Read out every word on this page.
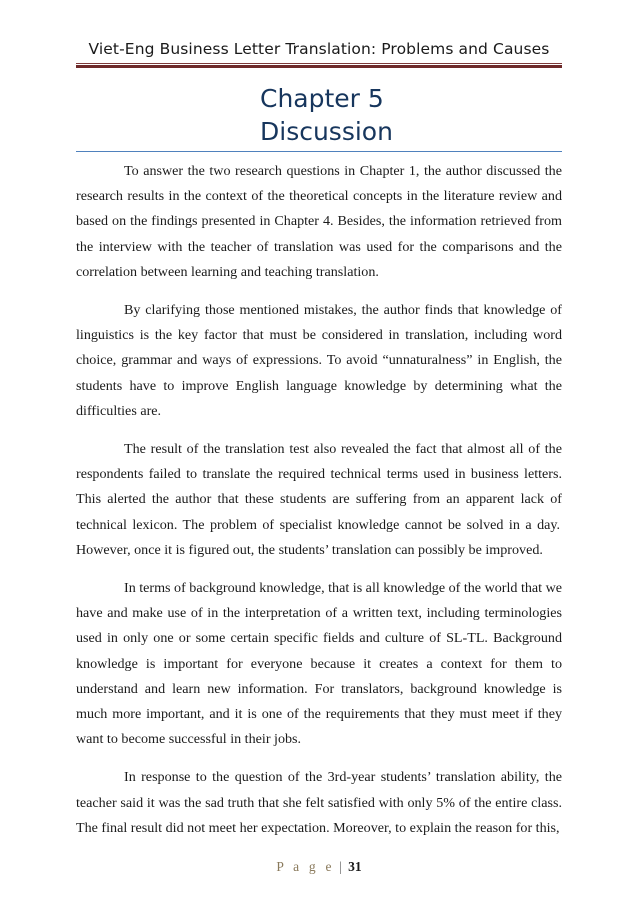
Viet-Eng Business Letter Translation: Problems and Causes
Chapter 5
Discussion
To answer the two research questions in Chapter 1, the author discussed the
research results in the context of the theoretical concepts in the literature review and
based on the findings presented in Chapter 4. Besides, the information retrieved from
the interview with the teacher of translation was used for the comparisons and the
correlation between learning and teaching translation.
By clarifying those mentioned mistakes, the author finds that knowledge of
linguistics is the key factor that must be considered in translation, including word
choice, grammar and ways of expressions. To avoid “unnaturalness” in English, the
students have to improve English language knowledge by determining what the
difficulties are.
The result of the translation test also revealed the fact that almost all of the
respondents failed to translate the required technical terms used in business letters.
This alerted the author that these students are suffering from an apparent lack of
technical lexicon. The problem of specialist knowledge cannot be solved in a day.
However, once it is figured out, the students’ translation can possibly be improved.
In terms of background knowledge, that is all knowledge of the world that we
have and make use of in the interpretation of a written text, including terminologies
used in only one or some certain specific fields and culture of SL-TL. Background
knowledge is important for everyone because it creates a context for them to
understand and learn new information. For translators, background knowledge is
much more important, and it is one of the requirements that they must meet if they
want to become successful in their jobs.
In response to the question of the 3rd-year students’ translation ability, the
teacher said it was the sad truth that she felt satisfied with only 5% of the entire class.
The final result did not meet her expectation. Moreover, to explain the reason for this,
P a g e | 31
